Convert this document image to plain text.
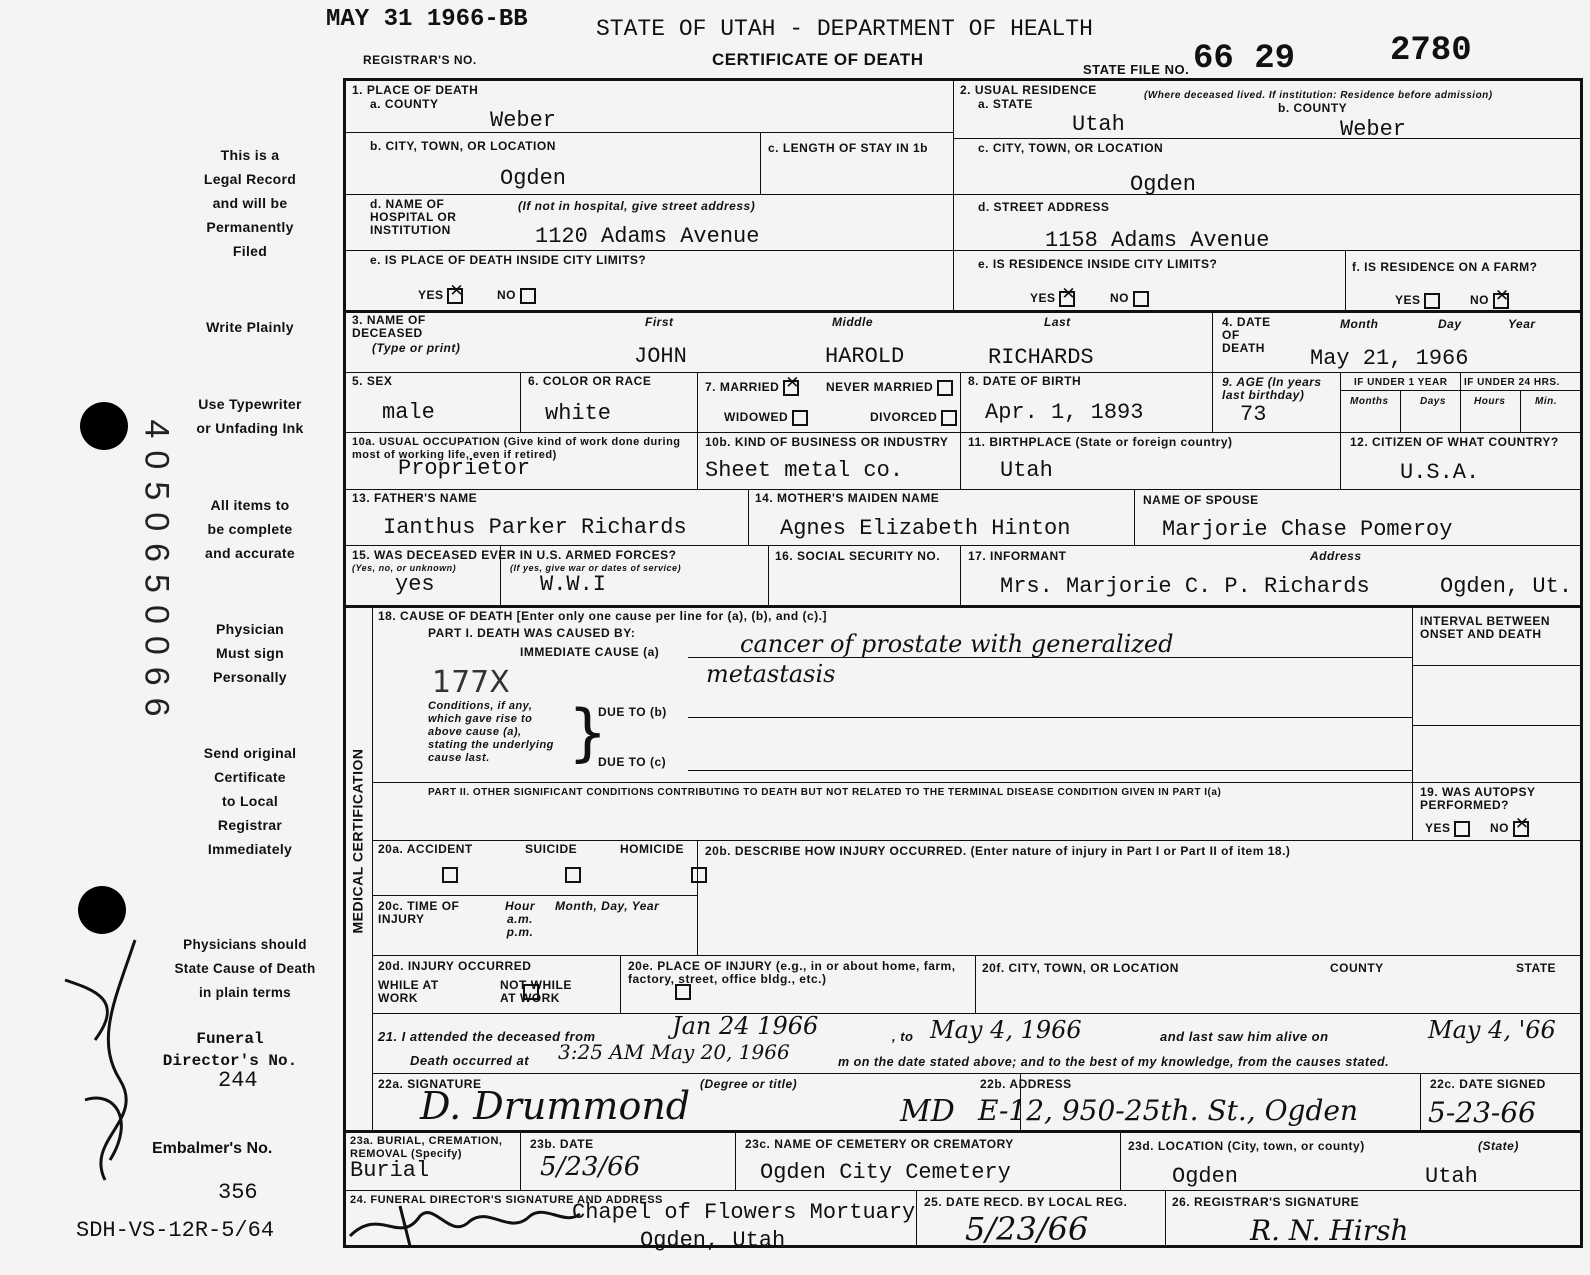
MAY 31 1966-BB	STATE OF UTAH - DEPARTMENT OF HEALTH
CERTIFICATE OF DEATH
REGISTRAR'S NO.
STATE FILE NO. 66 29	2780
This is a
Legal Record
and will be
Permanently
Filed
Write Plainly
Use Typewriter
or Unfading Ink
All items to
be complete
and accurate
Physician
Must sign
Personally
Send original
Certificate
to Local
Registrar
Immediately
Physicians should
State Cause of Death
in plain terms
Funeral Director's No.
244
Embalmer's No.
356
SDH-VS-12R-5/64
4050650066
1. PLACE OF DEATH
a. COUNTY
Weber
b. CITY, TOWN, OR LOCATION
Ogden
c. LENGTH OF STAY IN 1b
d. NAME OF HOSPITAL OR INSTITUTION
(If not in hospital, give street address)
1120 Adams Avenue
e. IS PLACE OF DEATH INSIDE CITY LIMITS?
YES ✕	NO
2. USUAL RESIDENCE	(Where deceased lived. If institution: Residence before admission)
a. STATE
Utah
b. COUNTY
Weber
c. CITY, TOWN, OR LOCATION
Ogden
d. STREET ADDRESS
1158 Adams Avenue
e. IS RESIDENCE INSIDE CITY LIMITS?
YES ✕	NO
f. IS RESIDENCE ON A FARM?
YES	NO ✕
3. NAME OF DECEASED
(Type or print)
First	Middle	Last
JOHN	HAROLD	RICHARDS
4. DATE OF DEATH
Month	Day	Year
May 21, 1966
5. SEX
male
6. COLOR OR RACE
white
7. MARRIED ✕	NEVER MARRIED
WIDOWED	DIVORCED
8. DATE OF BIRTH
Apr. 1, 1893
9. AGE (In years last birthday)
73
IF UNDER 1 YEAR IF UNDER 24 HRS.
Months	Days	Hours	Min.
10a. USUAL OCCUPATION (Give kind of work done during most of working life, even if retired)
Proprietor
10b. KIND OF BUSINESS OR INDUSTRY
Sheet metal co.
11. BIRTHPLACE (State or foreign country)
Utah
12. CITIZEN OF WHAT COUNTRY?
U.S.A.
13. FATHER'S NAME
Ianthus Parker Richards
14. MOTHER'S MAIDEN NAME
Agnes Elizabeth Hinton
NAME OF SPOUSE
Marjorie Chase Pomeroy
15. WAS DECEASED EVER IN U.S. ARMED FORCES?
(Yes, no, or unknown)	(If yes, give war or dates of service)
yes	W.W.I
16. SOCIAL SECURITY NO. 17. INFORMANT	Address
Mrs. Marjorie C. P. Richards	Ogden, Ut.
MEDICAL CERTIFICATION
18. CAUSE OF DEATH [Enter only one cause per line for (a), (b), and (c).]
PART I. DEATH WAS CAUSED BY:
IMMEDIATE CAUSE (a)	cancer of prostate with generalized
metastasis
177X
Conditions, if any, which gave rise to above cause (a), stating the underlying cause last.	}
DUE TO (b)
DUE TO (c)
PART II. OTHER SIGNIFICANT CONDITIONS CONTRIBUTING TO DEATH BUT NOT RELATED TO THE TERMINAL DISEASE CONDITION GIVEN IN PART I(a)
INTERVAL BETWEEN ONSET AND DEATH
19. WAS AUTOPSY PERFORMED?
YES	NO ✕
20a. ACCIDENT	SUICIDE	HOMICIDE
20b. DESCRIBE HOW INJURY OCCURRED. (Enter nature of injury in Part I or Part II of item 18.)
20c. TIME OF INJURY
Hour a.m. p.m.
Month, Day, Year
20d. INJURY OCCURRED
WHILE AT WORK

NOT WHILE AT WORK
20e. PLACE OF INJURY (e.g., in or about home, farm, factory, street, office bldg., etc.)
20f. CITY, TOWN, OR LOCATION	COUNTY	STATE
21. I attended the deceased from	Jan 24 1966	, to May 4, 1966	and last saw him alive on	May 4, '66
Death occurred at 3:25 AM May 20, 1966	m on the date stated above; and to the best of my knowledge, from the causes stated.
22a. SIGNATURE	(Degree or title)
D. Drummond	MD
22b. ADDRESS
E-12, 950-25th. St., Ogden
22c. DATE SIGNED
5-23-66
23a. BURIAL, CREMATION, REMOVAL (Specify)
Burial
23b. DATE
5/23/66
23c. NAME OF CEMETERY OR CREMATORY
Ogden City Cemetery
23d. LOCATION (City, town, or county)	(State)
Ogden	Utah
24. FUNERAL DIRECTOR'S SIGNATURE AND ADDRESS
Chapel of Flowers Mortuary
Ogden, Utah
25. DATE RECD. BY LOCAL REG.
5/23/66
26. REGISTRAR'S SIGNATURE
R. N. Hirsh
